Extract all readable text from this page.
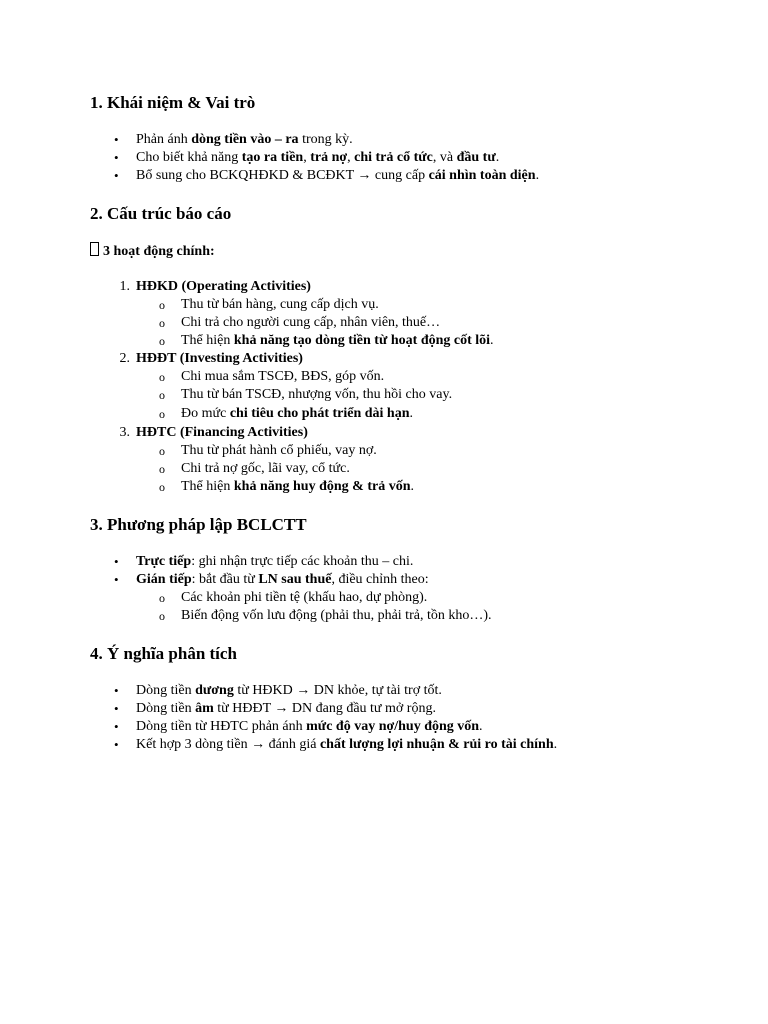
1. Khái niệm & Vai trò
• Phản ánh dòng tiền vào – ra trong kỳ.
• Cho biết khả năng tạo ra tiền, trả nợ, chi trả cổ tức, và đầu tư.
• Bổ sung cho BCKQHĐKD & BCĐKT → cung cấp cái nhìn toàn diện.
2. Cấu trúc báo cáo
3 hoạt động chính:
1. HĐKD (Operating Activities)
o Thu từ bán hàng, cung cấp dịch vụ.
o Chi trả cho người cung cấp, nhân viên, thuế…
o Thể hiện khả năng tạo dòng tiền từ hoạt động cốt lõi.
2. HĐĐT (Investing Activities)
o Chi mua sắm TSCĐ, BĐS, góp vốn.
o Thu từ bán TSCĐ, nhượng vốn, thu hồi cho vay.
o Đo mức chi tiêu cho phát triển dài hạn.
3. HĐTC (Financing Activities)
o Thu từ phát hành cổ phiếu, vay nợ.
o Chi trả nợ gốc, lãi vay, cổ tức.
o Thể hiện khả năng huy động & trả vốn.
3. Phương pháp lập BCLCTT
• Trực tiếp: ghi nhận trực tiếp các khoản thu – chi.
• Gián tiếp: bắt đầu từ LN sau thuế, điều chỉnh theo:
o Các khoản phi tiền tệ (khấu hao, dự phòng).
o Biến động vốn lưu động (phải thu, phải trả, tồn kho…).
4. Ý nghĩa phân tích
• Dòng tiền dương từ HĐKD → DN khỏe, tự tài trợ tốt.
• Dòng tiền âm từ HĐĐT → DN đang đầu tư mở rộng.
• Dòng tiền từ HĐTC phản ánh mức độ vay nợ/huy động vốn.
• Kết hợp 3 dòng tiền → đánh giá chất lượng lợi nhuận & rủi ro tài chính.
